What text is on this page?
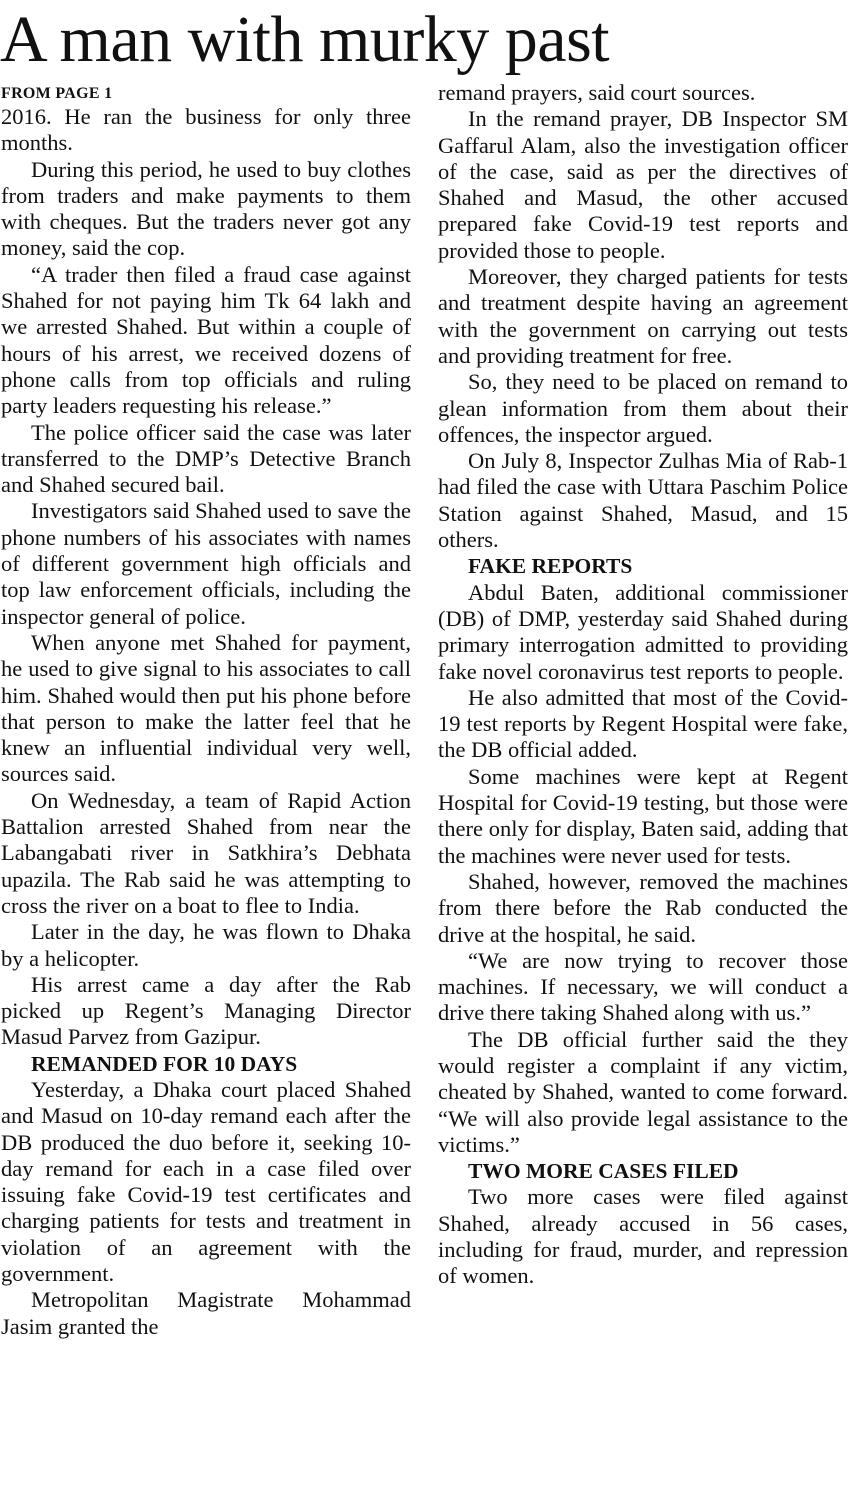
A man with murky past
FROM PAGE 1

2016. He ran the business for only three months.

During this period, he used to buy clothes from traders and make payments to them with cheques. But the traders never got any money, said the cop.

“A trader then filed a fraud case against Shahed for not paying him Tk 64 lakh and we arrested Shahed. But within a couple of hours of his arrest, we received dozens of phone calls from top officials and ruling party leaders requesting his release.”

The police officer said the case was later transferred to the DMP’s Detective Branch and Shahed secured bail.

Investigators said Shahed used to save the phone numbers of his associates with names of different government high officials and top law enforcement officials, including the inspector general of police.

When anyone met Shahed for payment, he used to give signal to his associates to call him. Shahed would then put his phone before that person to make the latter feel that he knew an influential individual very well, sources said.

On Wednesday, a team of Rapid Action Battalion arrested Shahed from near the Labangabati river in Satkhira’s Debhata upazila. The Rab said he was attempting to cross the river on a boat to flee to India.

Later in the day, he was flown to Dhaka by a helicopter.

His arrest came a day after the Rab picked up Regent’s Managing Director Masud Parvez from Gazipur.

REMANDED FOR 10 DAYS

Yesterday, a Dhaka court placed Shahed and Masud on 10-day remand each after the DB produced the duo before it, seeking 10-day remand for each in a case filed over issuing fake Covid-19 test certificates and charging patients for tests and treatment in violation of an agreement with the government.

Metropolitan Magistrate Mohammad Jasim granted the

remand prayers, said court sources.

In the remand prayer, DB Inspector SM Gaffarul Alam, also the investigation officer of the case, said as per the directives of Shahed and Masud, the other accused prepared fake Covid-19 test reports and provided those to people.

Moreover, they charged patients for tests and treatment despite having an agreement with the government on carrying out tests and providing treatment for free.

So, they need to be placed on remand to glean information from them about their offences, the inspector argued.

On July 8, Inspector Zulhas Mia of Rab-1 had filed the case with Uttara Paschim Police Station against Shahed, Masud, and 15 others.

FAKE REPORTS

Abdul Baten, additional commissioner (DB) of DMP, yesterday said Shahed during primary interrogation admitted to providing fake novel coronavirus test reports to people.

He also admitted that most of the Covid-19 test reports by Regent Hospital were fake, the DB official added.

Some machines were kept at Regent Hospital for Covid-19 testing, but those were there only for display, Baten said, adding that the machines were never used for tests.

Shahed, however, removed the machines from there before the Rab conducted the drive at the hospital, he said.

“We are now trying to recover those machines. If necessary, we will conduct a drive there taking Shahed along with us.”

The DB official further said the they would register a complaint if any victim, cheated by Shahed, wanted to come forward. “We will also provide legal assistance to the victims.”

TWO MORE CASES FILED

Two more cases were filed against Shahed, already accused in 56 cases, including for fraud, murder, and repression of women.
